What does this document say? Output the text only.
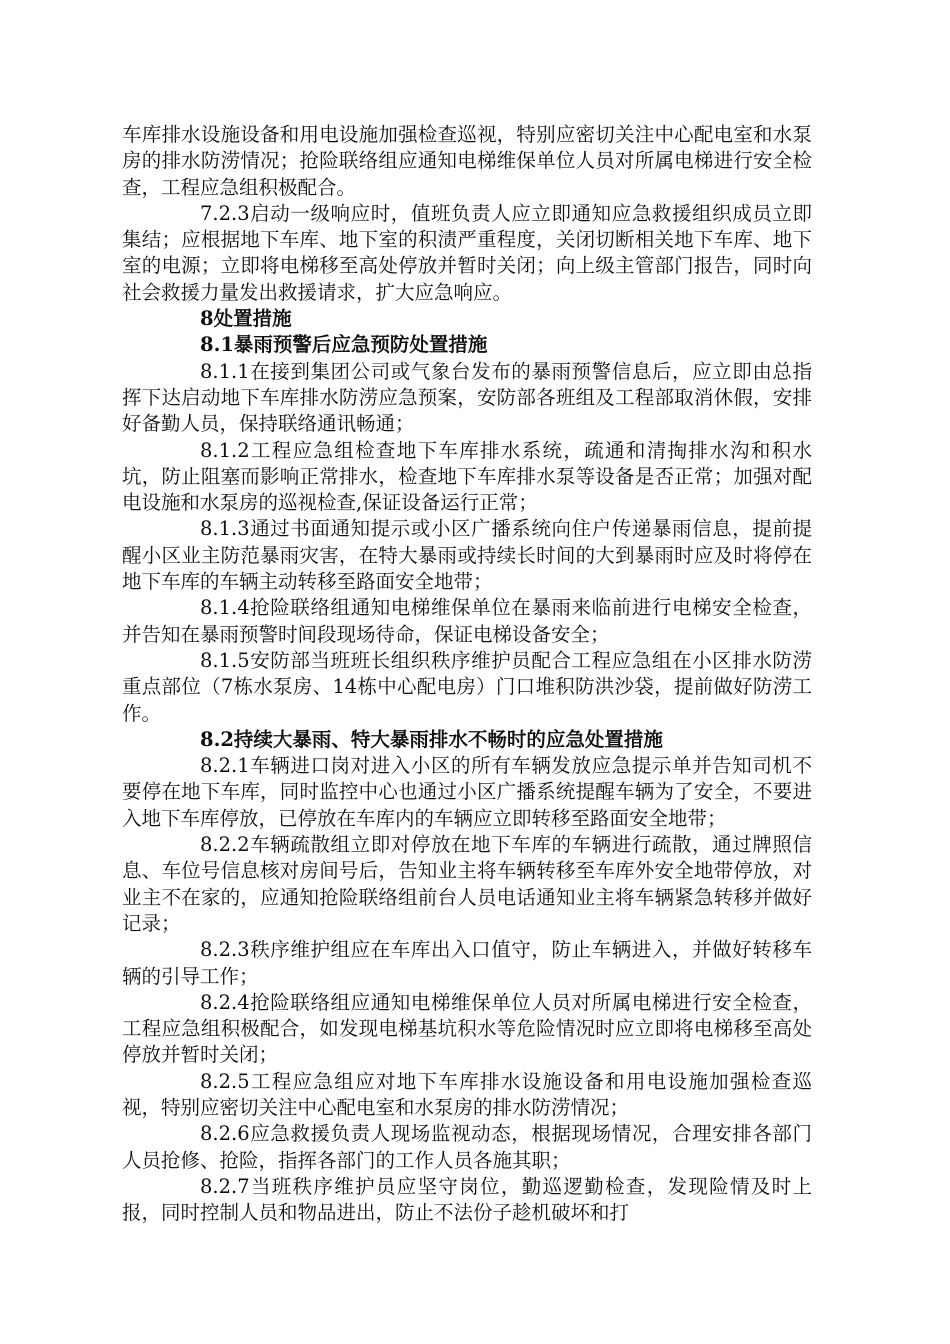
车库排水设施设备和用电设施加强检查巡视，特别应密切关注中心配电室和水泵房的排水防涝情况；抢险联络组应通知电梯维保单位人员对所属电梯进行安全检查，工程应急组积极配合。

7.2.3启动一级响应时，值班负责人应立即通知应急救援组织成员立即集结；应根据地下车库、地下室的积渍严重程度，关闭切断相关地下车库、地下室的电源；立即将电梯移至高处停放并暂时关闭；向上级主管部门报告，同时向社会救援力量发出救援请求，扩大应急响应。

8处置措施

8.1暴雨预警后应急预防处置措施

8.1.1在接到集团公司或气象台发布的暴雨预警信息后，应立即由总指挥下达启动地下车库排水防涝应急预案，安防部各班组及工程部取消休假，安排好备勤人员，保持联络通讯畅通；

8.1.2工程应急组检查地下车库排水系统，疏通和清掏排水沟和积水坑，防止阻塞而影响正常排水，检查地下车库排水泵等设备是否正常；加强对配电设施和水泵房的巡视检查,保证设备运行正常；

8.1.3通过书面通知提示或小区广播系统向住户传递暴雨信息，提前提醒小区业主防范暴雨灾害，在特大暴雨或持续长时间的大到暴雨时应及时将停在地下车库的车辆主动转移至路面安全地带；

8.1.4抢险联络组通知电梯维保单位在暴雨来临前进行电梯安全检查，并告知在暴雨预警时间段现场待命，保证电梯设备安全；

8.1.5安防部当班班长组织秩序维护员配合工程应急组在小区排水防涝重点部位（7栋水泵房、14栋中心配电房）门口堆积防洪沙袋，提前做好防涝工作。

8.2持续大暴雨、特大暴雨排水不畅时的应急处置措施

8.2.1车辆进口岗对进入小区的所有车辆发放应急提示单并告知司机不要停在地下车库，同时监控中心也通过小区广播系统提醒车辆为了安全，不要进入地下车库停放，已停放在车库内的车辆应立即转移至路面安全地带；

8.2.2车辆疏散组立即对停放在地下车库的车辆进行疏散，通过牌照信息、车位号信息核对房间号后，告知业主将车辆转移至车库外安全地带停放，对业主不在家的，应通知抢险联络组前台人员电话通知业主将车辆紧急转移并做好记录；

8.2.3秩序维护组应在车库出入口值守，防止车辆进入，并做好转移车辆的引导工作；

8.2.4抢险联络组应通知电梯维保单位人员对所属电梯进行安全检查，工程应急组积极配合，如发现电梯基坑积水等危险情况时应立即将电梯移至高处停放并暂时关闭；

8.2.5工程应急组应对地下车库排水设施设备和用电设施加强检查巡视，特别应密切关注中心配电室和水泵房的排水防涝情况；

8.2.6应急救援负责人现场监视动态，根据现场情况，合理安排各部门人员抢修、抢险，指挥各部门的工作人员各施其职；

8.2.7当班秩序维护员应坚守岗位，勤巡逻勤检查，发现险情及时上报，同时控制人员和物品进出，防止不法份子趁机破坏和打
